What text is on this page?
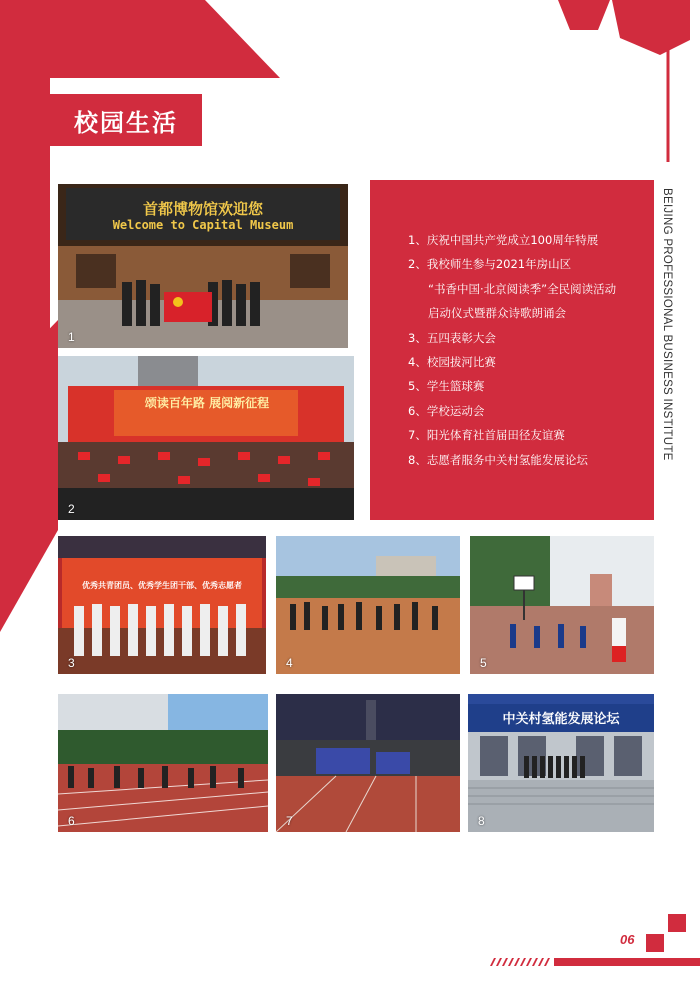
校园生活
BEIJING PROFESSIONAL BUSINESS INSTITUTE
1、庆祝中国共产党成立100周年特展
2、我校师生参与2021年房山区
“书香中国·北京阅读季”全民阅读活动
启动仪式暨群众诗歌朗诵会
3、五四表彰大会
4、校园拔河比赛
5、学生篮球赛
6、学校运动会
7、阳光体育社首届田径友谊赛
8、志愿者服务中关村氢能发展论坛
首都博物馆欢迎您
Welcome to Capital Museum
1
颂读百年路 展阅新征程
2
优秀共青团员、优秀学生团干部、优秀志愿者
3	4	5
6	7
中关村氢能发展论坛
8
06
